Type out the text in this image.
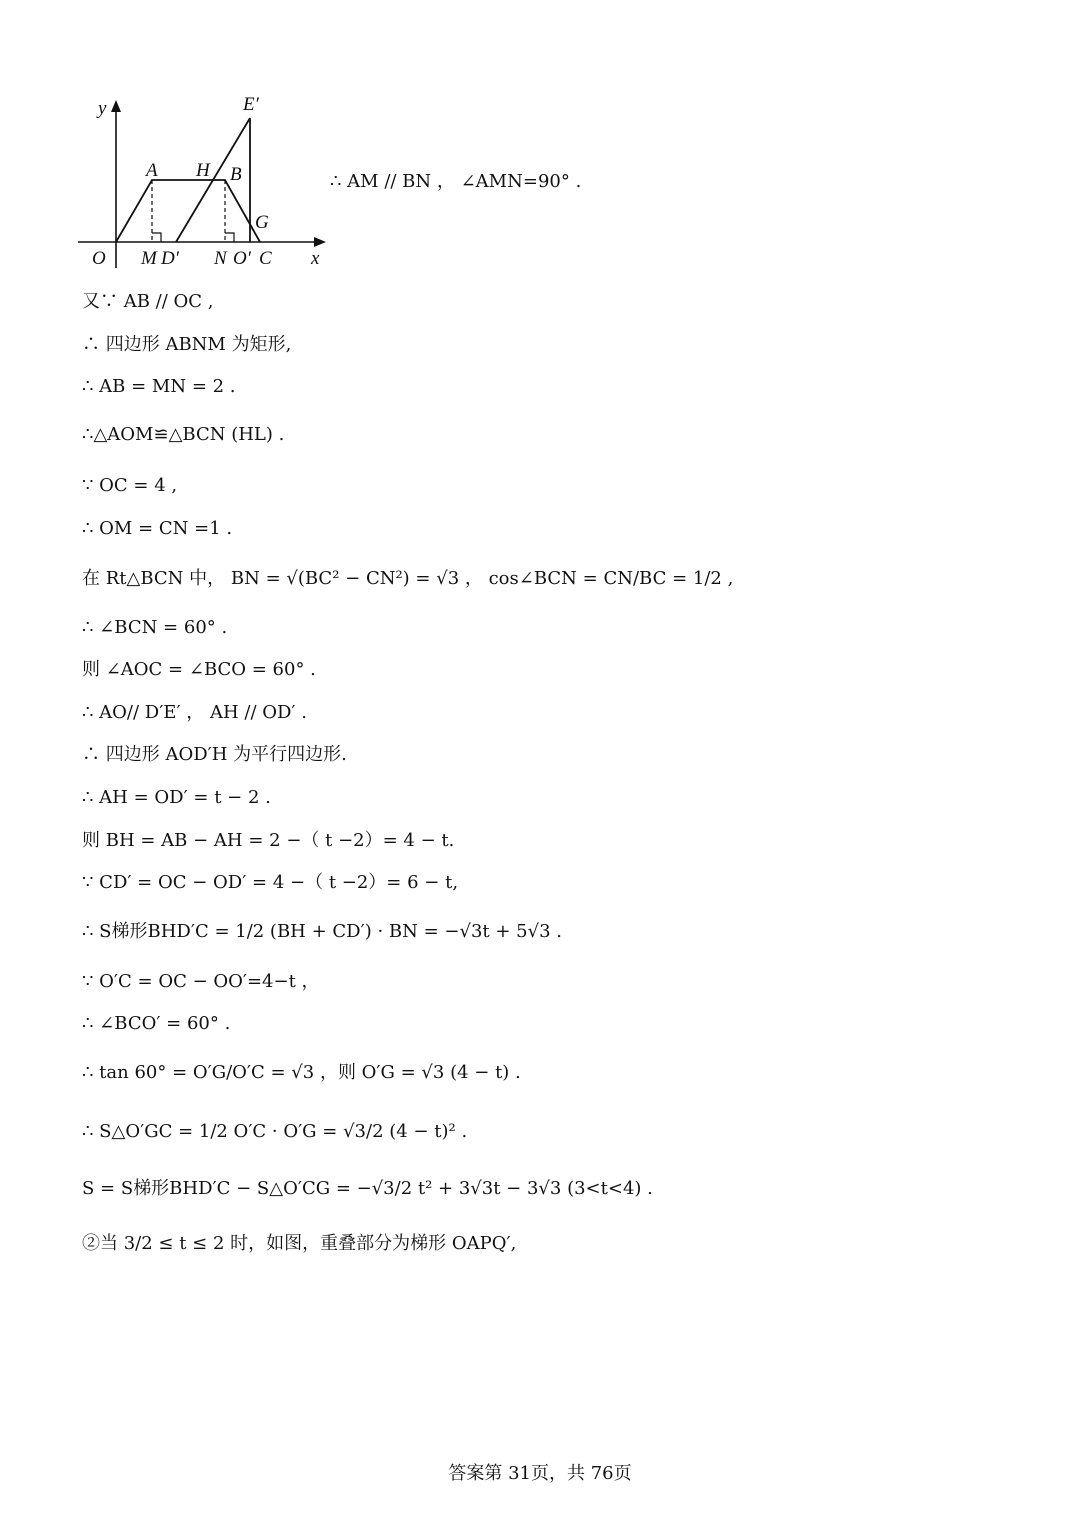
y
x
E′
A H B
G
O M D′ N O′ C
∴ AM // BN ， ∠AMN=90° .
又∵ AB // OC ,
∴ 四边形 ABNM 为矩形,
∴ AB = MN = 2 .
∴△AOM≌△BCN (HL) .
∵ OC = 4 ,
∴ OM = CN =1 .
在 Rt△BCN 中， BN = √(BC² − CN²) = √3 ， cos∠BCN = CN/BC = 1/2 ,
∴ ∠BCN = 60° .
则 ∠AOC = ∠BCO = 60° .
∴ AO// D′E′ ， AH // OD′ .
∴ 四边形 AOD′H 为平行四边形.
∴ AH = OD′ = t − 2 .
则 BH = AB − AH = 2 −（ t −2）= 4 − t.
∵ CD′ = OC − OD′ = 4 −（ t −2）= 6 − t,
∴ S梯形BHD′C = 1/2 (BH + CD′) · BN = −√3t + 5√3 .
∵ O′C = OC − OO′=4−t ，
∴ ∠BCO′ = 60° .
∴ tan 60° = O′G/O′C = √3 ，则 O′G = √3 (4 − t) .
∴ S△O′GC = 1/2 O′C · O′G = √3/2 (4 − t)² .
S = S梯形BHD′C − S△O′CG = −√3/2 t² + 3√3t − 3√3 (3<t<4) .
②当 3/2 ≤ t ≤ 2 时，如图，重叠部分为梯形 OAPQ′,
答案第 31页，共 76页
